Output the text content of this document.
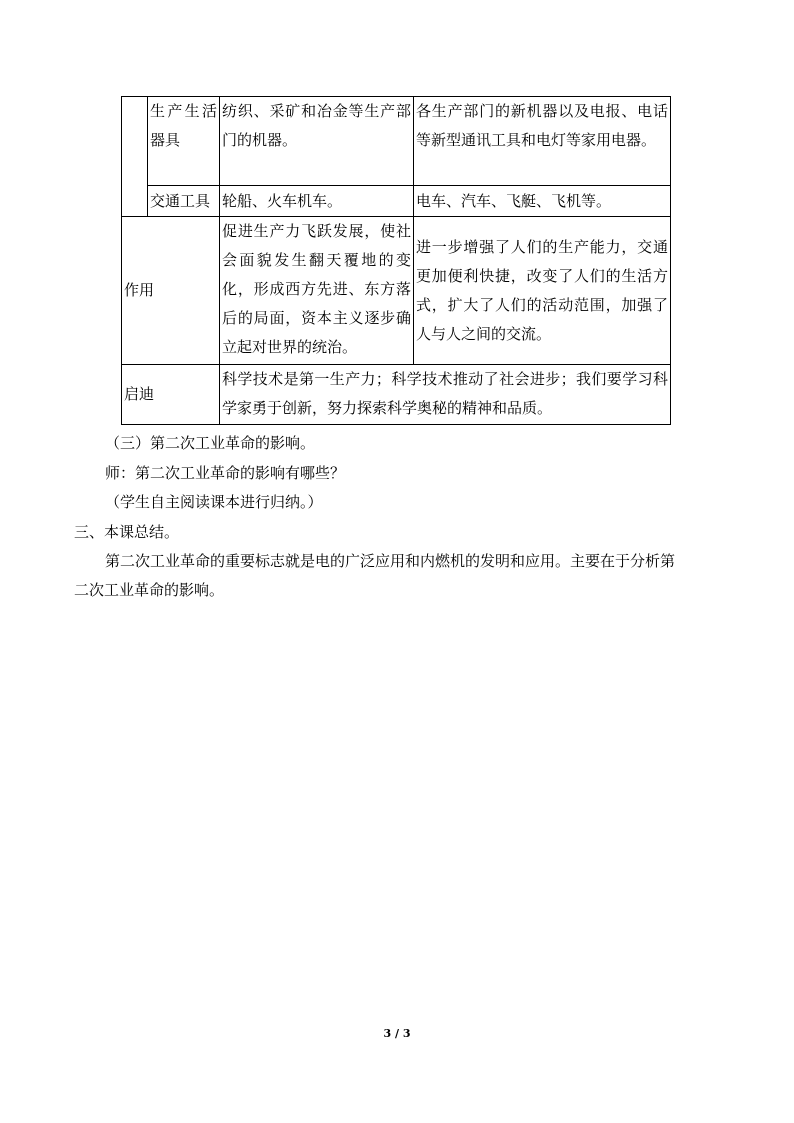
	生产生活器具	纺织、采矿和冶金等生产部门的机器。	各生产部门的新机器以及电报、电话等新型通讯工具和电灯等家用电器。
	交通工具	轮船、火车机车。	电车、汽车、飞艇、飞机等。
作用		促进生产力飞跃发展，使社会面貌发生翻天覆地的变化，形成西方先进、东方落后的局面，资本主义逐步确立起对世界的统治。	进一步增强了人们的生产能力，交通更加便利快捷，改变了人们的生活方式，扩大了人们的活动范围，加强了人与人之间的交流。
启迪		科学技术是第一生产力；科学技术推动了社会进步；我们要学习科学家勇于创新，努力探索科学奥秘的精神和品质。	
（三）第二次工业革命的影响。
师：第二次工业革命的影响有哪些？
（学生自主阅读课本进行归纳。）
三、本课总结。
第二次工业革命的重要标志就是电的广泛应用和内燃机的发明和应用。主要在于分析第
二次工业革命的影响。
3 / 3
